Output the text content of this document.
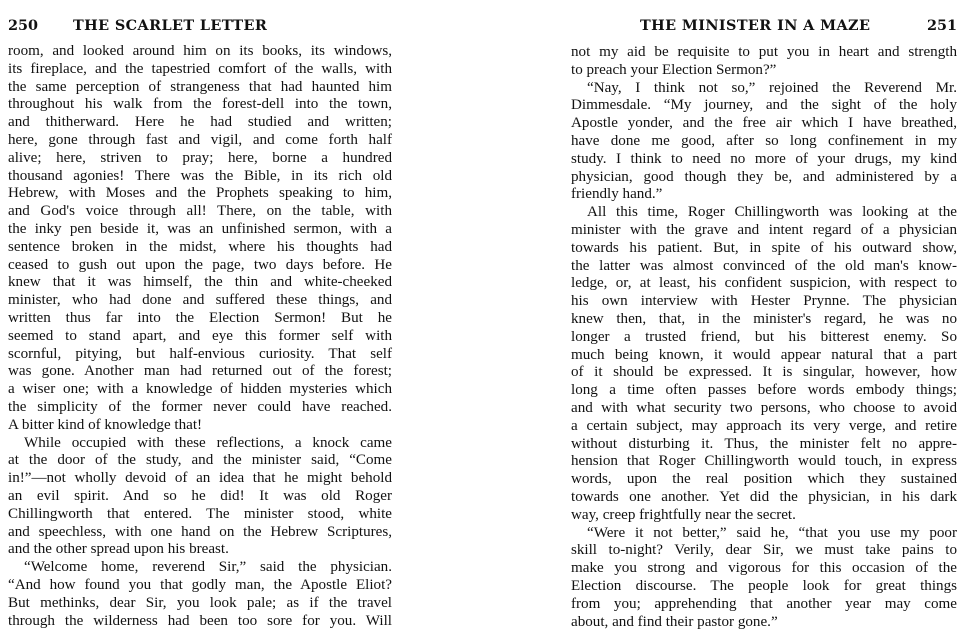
250 THE SCARLET LETTER
room, and looked around him on its books, its windows,
its fireplace, and the tapestried comfort of the walls, with
the same perception of strangeness that had haunted him
throughout his walk from the forest-dell into the town,
and thitherward. Here he had studied and written;
here, gone through fast and vigil, and come forth half
alive; here, striven to pray; here, borne a hundred
thousand agonies! There was the Bible, in its rich old
Hebrew, with Moses and the Prophets speaking to him,
and God's voice through all! There, on the table, with
the inky pen beside it, was an unfinished sermon, with a
sentence broken in the midst, where his thoughts had
ceased to gush out upon the page, two days before. He
knew that it was himself, the thin and white-cheeked
minister, who had done and suffered these things, and
written thus far into the Election Sermon! But he
seemed to stand apart, and eye this former self with
scornful, pitying, but half-envious curiosity. That self
was gone. Another man had returned out of the forest;
a wiser one; with a knowledge of hidden mysteries which
the simplicity of the former never could have reached.
A bitter kind of knowledge that!
While occupied with these reflections, a knock came
at the door of the study, and the minister said, “Come
in!”—not wholly devoid of an idea that he might behold
an evil spirit. And so he did! It was old Roger
Chillingworth that entered. The minister stood, white
and speechless, with one hand on the Hebrew Scriptures,
and the other spread upon his breast.
“Welcome home, reverend Sir,” said the physician.
“And how found you that godly man, the Apostle Eliot?
But methinks, dear Sir, you look pale; as if the travel
through the wilderness had been too sore for you. Will
THE MINISTER IN A MAZE	251
not my aid be requisite to put you in heart and strength
to preach your Election Sermon?”
“Nay, I think not so,” rejoined the Reverend Mr.
Dimmesdale. “My journey, and the sight of the holy
Apostle yonder, and the free air which I have breathed,
have done me good, after so long confinement in my
study. I think to need no more of your drugs, my kind
physician, good though they be, and administered by a
friendly hand.”
All this time, Roger Chillingworth was looking at the
minister with the grave and intent regard of a physician
towards his patient. But, in spite of his outward show,
the latter was almost convinced of the old man's know-
ledge, or, at least, his confident suspicion, with respect to
his own interview with Hester Prynne. The physician
knew then, that, in the minister's regard, he was no
longer a trusted friend, but his bitterest enemy. So
much being known, it would appear natural that a part
of it should be expressed. It is singular, however, how
long a time often passes before words embody things;
and with what security two persons, who choose to avoid
a certain subject, may approach its very verge, and retire
without disturbing it. Thus, the minister felt no appre-
hension that Roger Chillingworth would touch, in express
words, upon the real position which they sustained
towards one another. Yet did the physician, in his dark
way, creep frightfully near the secret.
“Were it not better,” said he, “that you use my poor
skill to-night? Verily, dear Sir, we must take pains to
make you strong and vigorous for this occasion of the
Election discourse. The people look for great things
from you; apprehending that another year may come
about, and find their pastor gone.”
